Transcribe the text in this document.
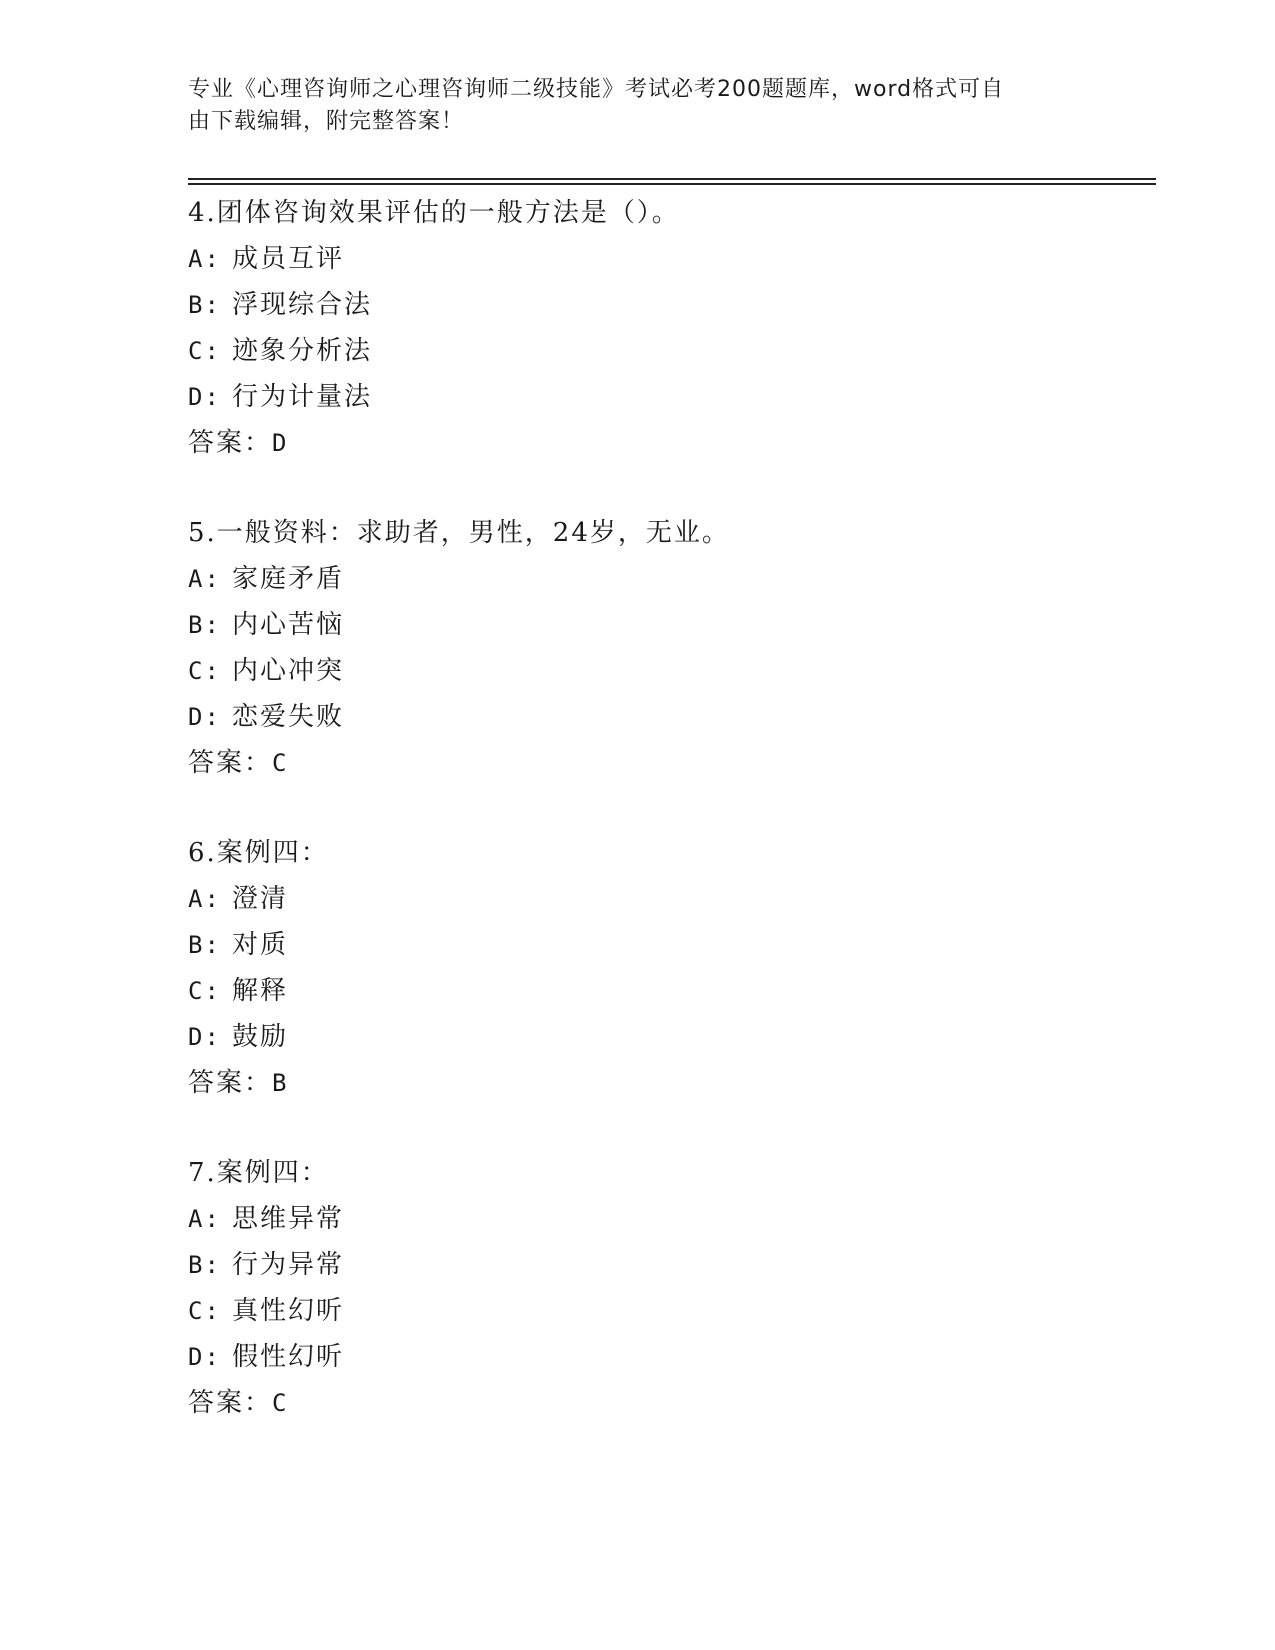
专业《心理咨询师之心理咨询师二级技能》考试必考200题题库，word格式可自
由下载编辑，附完整答案！
4.团体咨询效果评估的一般方法是（）。
A: 成员互评
B: 浮现综合法
C: 迹象分析法
D: 行为计量法
答案：D
5.一般资料：求助者，男性，24岁，无业。
A: 家庭矛盾
B: 内心苦恼
C: 内心冲突
D: 恋爱失败
答案：C
6.案例四：
A: 澄清
B: 对质
C: 解释
D: 鼓励
答案：B
7.案例四：
A: 思维异常
B: 行为异常
C: 真性幻听
D: 假性幻听
答案：C
